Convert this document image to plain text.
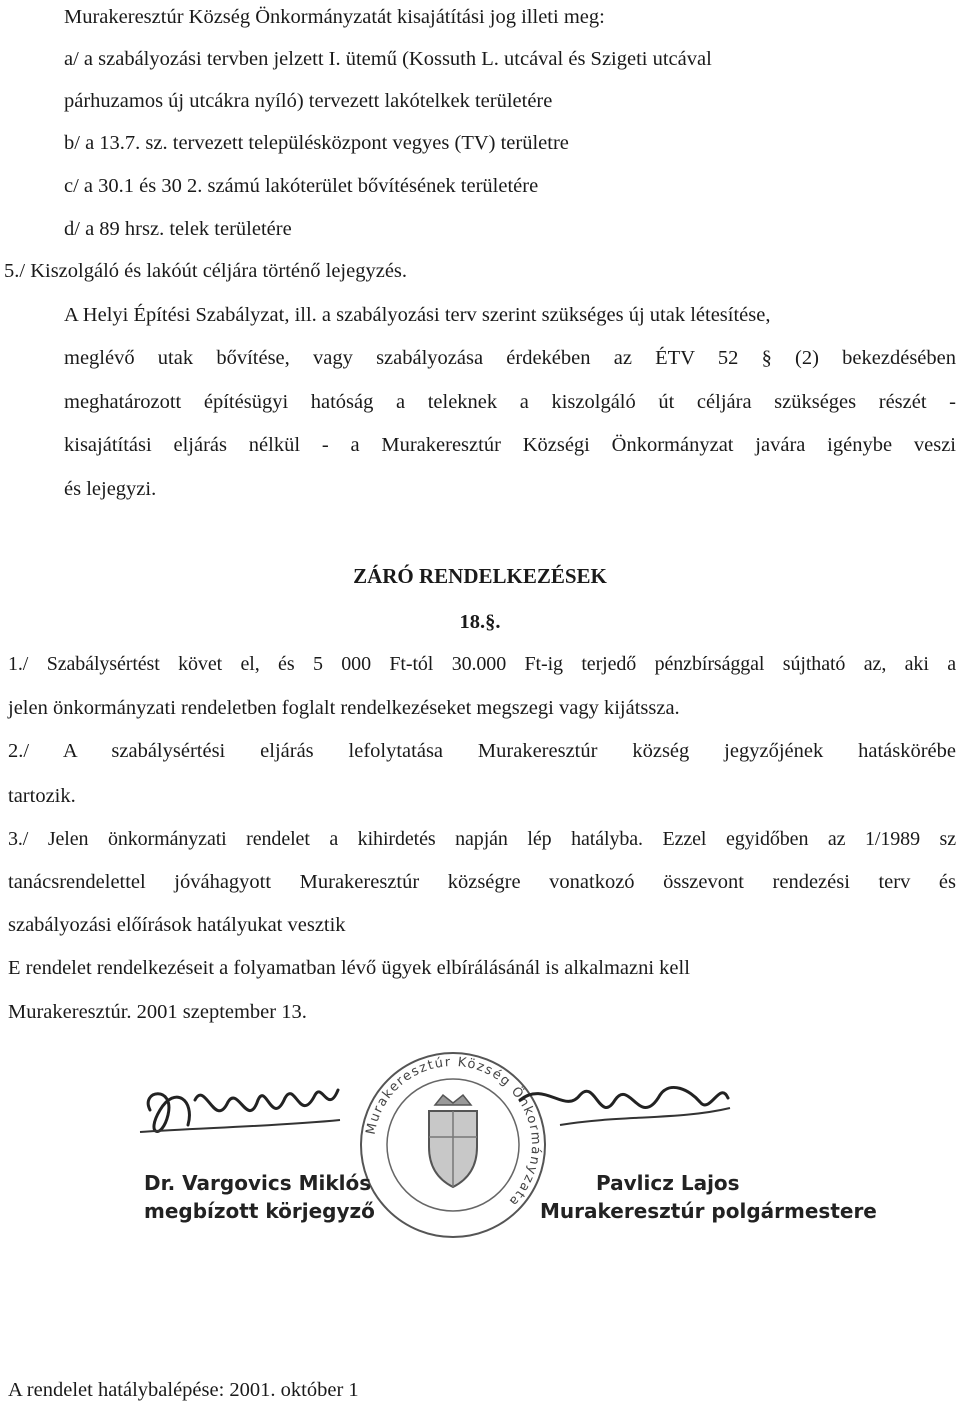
Murakeresztúr Község Önkormányzatát kisajátítási jog illeti meg:
a/ a szabályozási tervben jelzett I. ütemű (Kossuth L. utcával és Szigeti utcával
párhuzamos új utcákra nyíló) tervezett lakótelkek területére
b/ a 13.7. sz. tervezett településközpont vegyes (TV) területre
c/ a 30.1 és 30 2. számú lakóterület bővítésének területére
d/ a 89 hrsz. telek területére
5./ Kiszolgáló és lakóút céljára történő lejegyzés.
A Helyi Építési Szabályzat, ill. a szabályozási terv szerint szükséges új utak létesítése,
meglévő utak bővítése, vagy szabályozása érdekében az ÉTV 52 § (2) bekezdésében
meghatározott építésügyi hatóság a teleknek a kiszolgáló út céljára szükséges részét -
kisajátítási eljárás nélkül - a Murakeresztúr Községi Önkormányzat javára igénybe veszi
és lejegyzi.
ZÁRÓ RENDELKEZÉSEK
18.§.
1./ Szabálysértést követ el, és 5 000 Ft-tól 30.000 Ft-ig terjedő pénzbírsággal sújtható az, aki a
jelen önkormányzati rendeletben foglalt rendelkezéseket megszegi vagy kijátssza.
2./ A szabálysértési eljárás lefolytatása Murakeresztúr község jegyzőjének hatáskörébe
tartozik.
3./ Jelen önkormányzati rendelet a kihirdetés napján lép hatályba. Ezzel egyidőben az 1/1989 sz
tanácsrendelettel jóváhagyott Murakeresztúr községre vonatkozó összevont rendezési terv és
szabályozási előírások hatályukat vesztik
E rendelet rendelkezéseit a folyamatban lévő ügyek elbírálásánál is alkalmazni kell
Murakeresztúr. 2001 szeptember 13.
Murakeresztúr Község Önkormányzata
Dr. Vargovics Miklós
megbízott körjegyző
Pavlicz Lajos
Murakeresztúr polgármestere
A rendelet hatálybalépése: 2001. október 1
